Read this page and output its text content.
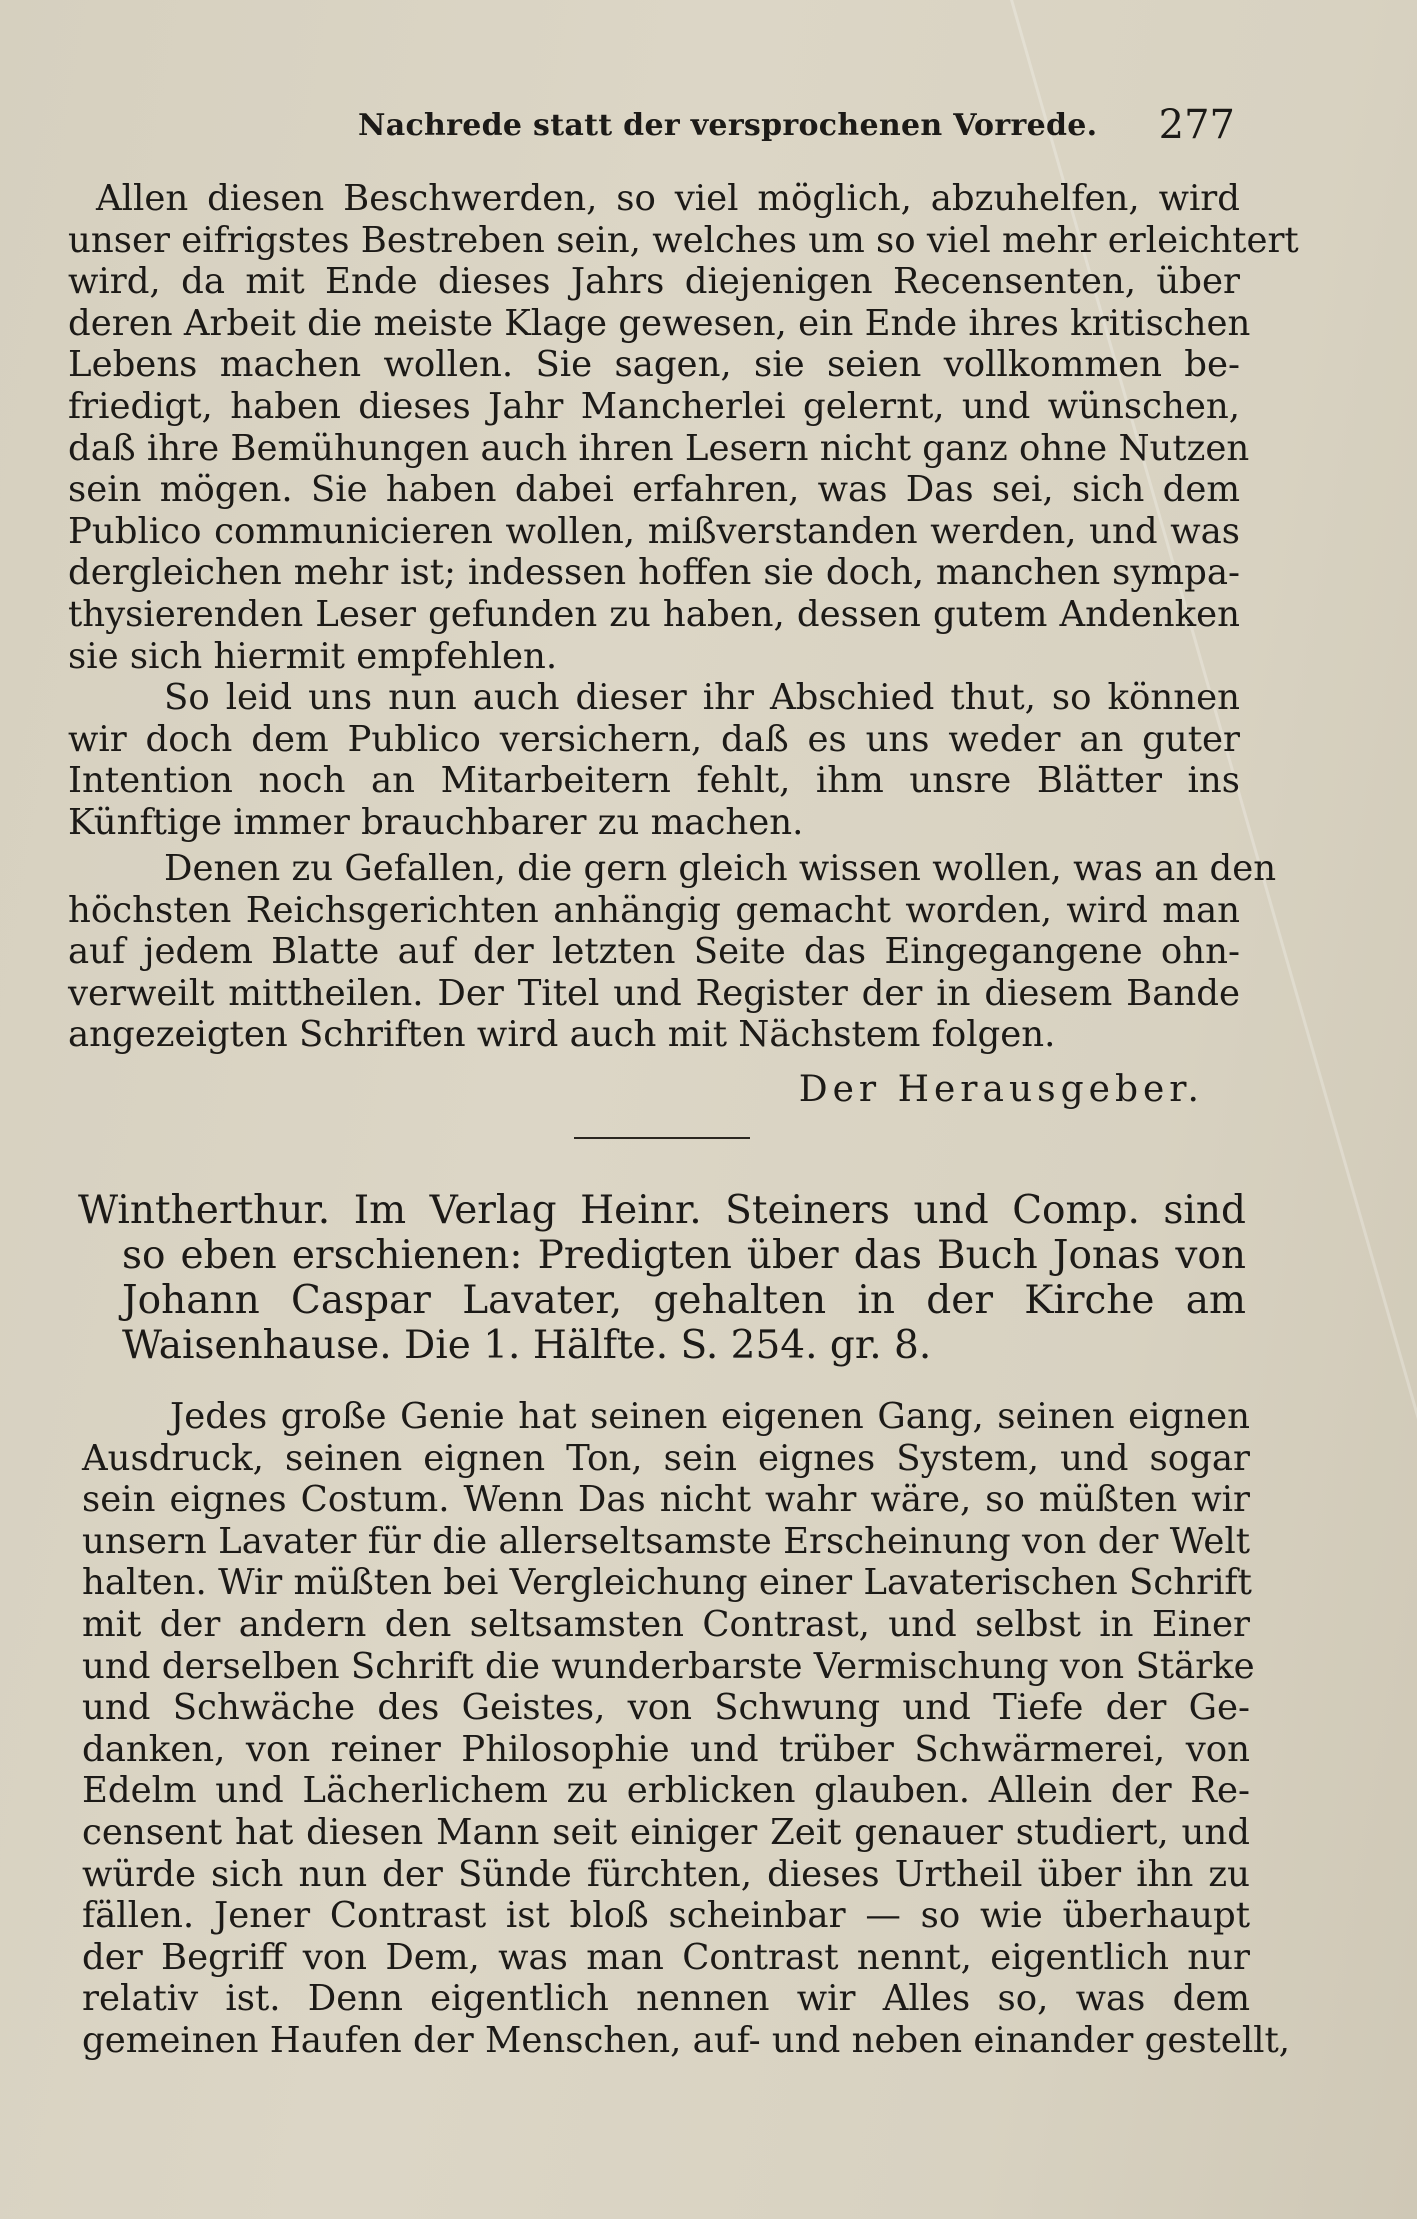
Nachrede statt der versprochenen Vorrede. 277
Allen diesen Beschwerden, so viel möglich, abzuhelfen, wird
unser eifrigstes Bestreben sein, welches um so viel mehr erleichtert
wird, da mit Ende dieses Jahrs diejenigen Recensenten, über
deren Arbeit die meiste Klage gewesen, ein Ende ihres kritischen
Lebens machen wollen. Sie sagen, sie seien vollkommen be-
friedigt, haben dieses Jahr Mancherlei gelernt, und wünschen,
daß ihre Bemühungen auch ihren Lesern nicht ganz ohne Nutzen
sein mögen. Sie haben dabei erfahren, was Das sei, sich dem
Publico communicieren wollen, mißverstanden werden, und was
dergleichen mehr ist; indessen hoffen sie doch, manchen sympa-
thysierenden Leser gefunden zu haben, dessen gutem Andenken
sie sich hiermit empfehlen.
So leid uns nun auch dieser ihr Abschied thut, so können
wir doch dem Publico versichern, daß es uns weder an guter
Intention noch an Mitarbeitern fehlt, ihm unsre Blätter ins
Künftige immer brauchbarer zu machen.
Denen zu Gefallen, die gern gleich wissen wollen, was an den
höchsten Reichsgerichten anhängig gemacht worden, wird man
auf jedem Blatte auf der letzten Seite das Eingegangene ohn-
verweilt mittheilen. Der Titel und Register der in diesem Bande
angezeigten Schriften wird auch mit Nächstem folgen.
Der Herausgeber.
Wintherthur. Im Verlag Heinr. Steiners und Comp. sind
so eben erschienen: Predigten über das Buch Jonas von
Johann Caspar Lavater, gehalten in der Kirche am
Waisenhause. Die 1. Hälfte. S. 254. gr. 8.
Jedes große Genie hat seinen eigenen Gang, seinen eignen
Ausdruck, seinen eignen Ton, sein eignes System, und sogar
sein eignes Costum. Wenn Das nicht wahr wäre, so müßten wir
unsern Lavater für die allerseltsamste Erscheinung von der Welt
halten. Wir müßten bei Vergleichung einer Lavaterischen Schrift
mit der andern den seltsamsten Contrast, und selbst in Einer
und derselben Schrift die wunderbarste Vermischung von Stärke
und Schwäche des Geistes, von Schwung und Tiefe der Ge-
danken, von reiner Philosophie und trüber Schwärmerei, von
Edelm und Lächerlichem zu erblicken glauben. Allein der Re-
censent hat diesen Mann seit einiger Zeit genauer studiert, und
würde sich nun der Sünde fürchten, dieses Urtheil über ihn zu
fällen. Jener Contrast ist bloß scheinbar — so wie überhaupt
der Begriff von Dem, was man Contrast nennt, eigentlich nur
relativ ist. Denn eigentlich nennen wir Alles so, was dem
gemeinen Haufen der Menschen, auf- und neben einander gestellt,
